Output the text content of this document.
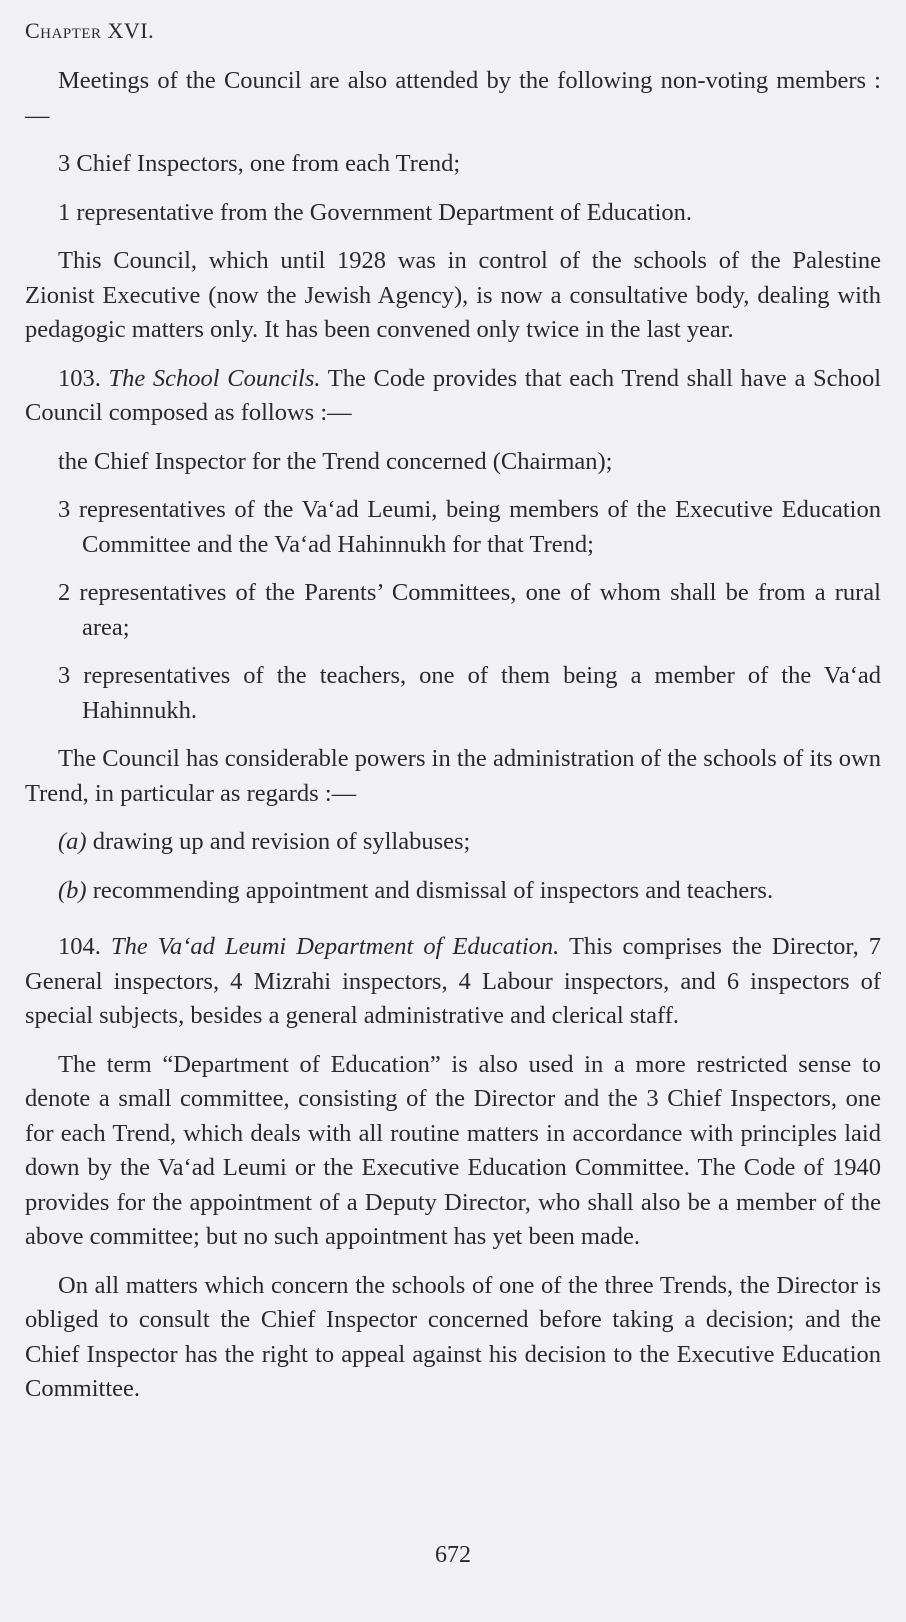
Chapter XVI.

Meetings of the Council are also attended by the following non-voting members :—

3 Chief Inspectors, one from each Trend;

1 representative from the Government Department of Education.

This Council, which until 1928 was in control of the schools of the Palestine Zionist Executive (now the Jewish Agency), is now a consultative body, dealing with pedagogic matters only. It has been convened only twice in the last year.

103. The School Councils. The Code provides that each Trend shall have a School Council composed as follows :—

the Chief Inspector for the Trend concerned (Chairman);

3 representatives of the Va‘ad Leumi, being members of the Executive Education Committee and the Va‘ad Hahinnukh for that Trend;

2 representatives of the Parents’ Committees, one of whom shall be from a rural area;

3 representatives of the teachers, one of them being a member of the Va‘ad Hahinnukh.

The Council has considerable powers in the administration of the schools of its own Trend, in particular as regards :—

(a) drawing up and revision of syllabuses;

(b) recommending appointment and dismissal of inspectors and teachers.

104. The Va‘ad Leumi Department of Education. This comprises the Director, 7 General inspectors, 4 Mizrahi inspectors, 4 Labour inspectors, and 6 inspectors of special subjects, besides a general administrative and clerical staff.

The term “Department of Education” is also used in a more restricted sense to denote a small committee, consisting of the Director and the 3 Chief Inspectors, one for each Trend, which deals with all routine matters in accordance with principles laid down by the Va‘ad Leumi or the Executive Education Committee. The Code of 1940 provides for the appointment of a Deputy Director, who shall also be a member of the above committee; but no such appointment has yet been made.

On all matters which concern the schools of one of the three Trends, the Director is obliged to consult the Chief Inspector concerned before taking a decision; and the Chief Inspector has the right to appeal against his decision to the Executive Education Committee.

672
